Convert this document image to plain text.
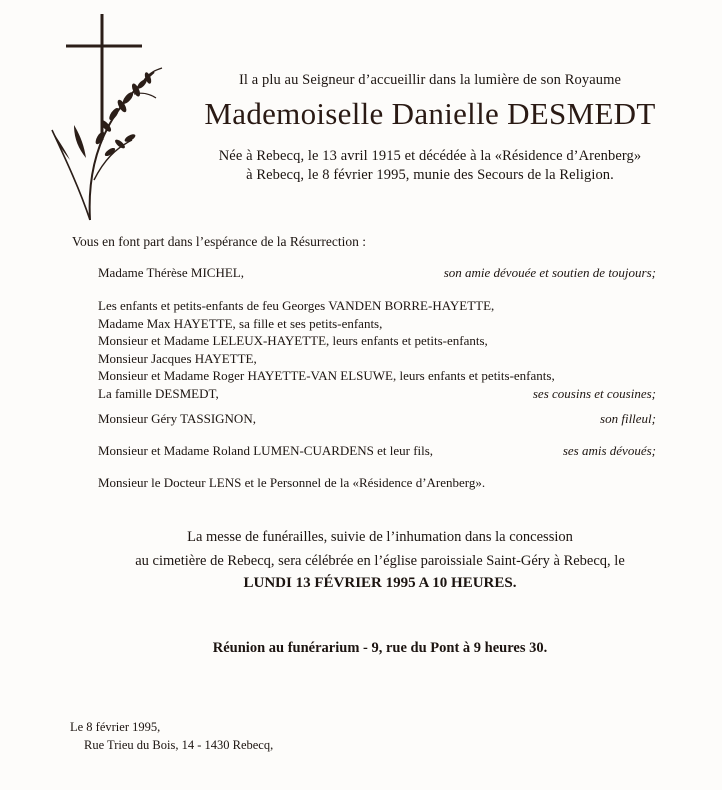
Il a plu au Seigneur d’accueillir dans la lumière de son Royaume
Mademoiselle Danielle DESMEDT
Née à Rebecq, le 13 avril 1915 et décédée à la «Résidence d’Arenberg»
à Rebecq, le 8 février 1995, munie des Secours de la Religion.
Vous en font part dans l’espérance de la Résurrection :
Madame Thérèse MICHEL,	son amie dévouée et soutien de toujours;
Les enfants et petits-enfants de feu Georges VANDEN BORRE-HAYETTE,
Madame Max HAYETTE, sa fille et ses petits-enfants,
Monsieur et Madame LELEUX-HAYETTE, leurs enfants et petits-enfants,
Monsieur Jacques HAYETTE,
Monsieur et Madame Roger HAYETTE-VAN ELSUWE, leurs enfants et petits-enfants,
La famille DESMEDT,	ses cousins et cousines;
Monsieur Géry TASSIGNON,	son filleul;
Monsieur et Madame Roland LUMEN-CUARDENS et leur fils,	ses amis dévoués;
Monsieur le Docteur LENS et le Personnel de la «Résidence d’Arenberg».
La messe de funérailles, suivie de l’inhumation dans la concession
au cimetière de Rebecq, sera célébrée en l’église paroissiale Saint-Géry à Rebecq, le
LUNDI 13 FÉVRIER 1995 A 10 HEURES.
Réunion au funérarium - 9, rue du Pont à 9 heures 30.
Le 8 février 1995,
Rue Trieu du Bois, 14 - 1430 Rebecq,
